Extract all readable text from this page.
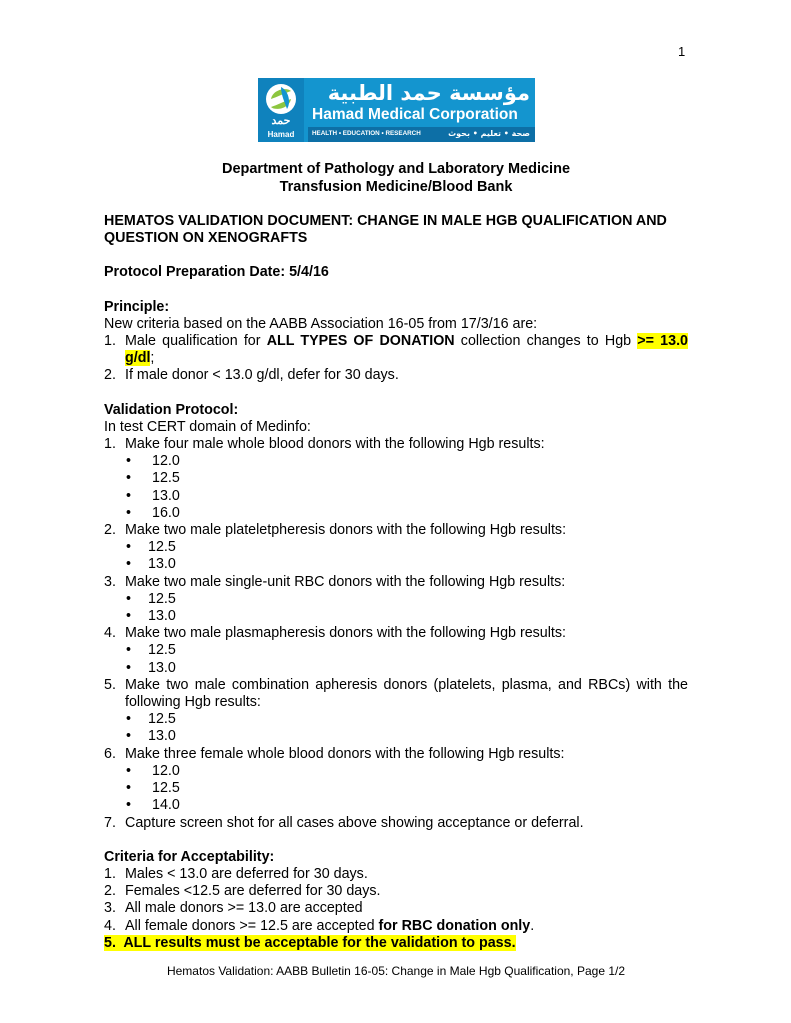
1
حمد
Hamad
مؤسسة حمد الطبية
Hamad Medical Corporation
HEALTH • EDUCATION • RESEARCH	صحة • تعليم • بحوث
Department of Pathology and Laboratory Medicine
Transfusion Medicine/Blood Bank
HEMATOS VALIDATION DOCUMENT: CHANGE IN MALE HGB QUALIFICATION AND
QUESTION ON XENOGRAFTS
Protocol Preparation Date: 5/4/16
Principle:
New criteria based on the AABB Association 16-05 from 17/3/16 are:
1. Male qualification for ALL TYPES OF DONATION collection changes to Hgb >= 13.0 g/dl;
2. If male donor < 13.0 g/dl, defer for 30 days.
Validation Protocol:
In test CERT domain of Medinfo:
1. Make four male whole blood donors with the following Hgb results:
•	12.0
•	12.5
•	13.0
•	16.0
2. Make two male plateletpheresis donors with the following Hgb results:
•	12.5
•	13.0
3. Make two male single-unit RBC donors with the following Hgb results:
•	12.5
•	13.0
4. Make two male plasmapheresis donors with the following Hgb results:
•	12.5
•	13.0
5. Make two male combination apheresis donors (platelets, plasma, and RBCs) with the following Hgb results:
•	12.5
•	13.0
6. Make three female whole blood donors with the following Hgb results:
•	12.0
•	12.5
•	14.0
7. Capture screen shot for all cases above showing acceptance or deferral.
Criteria for Acceptability:
1. Males < 13.0 are deferred for 30 days.
2. Females <12.5 are deferred for 30 days.
3. All male donors >= 13.0 are accepted
4. All female donors >= 12.5 are accepted for RBC donation only.
5. ALL results must be acceptable for the validation to pass.
Hematos Validation: AABB Bulletin 16-05: Change in Male Hgb Qualification, Page 1/2
